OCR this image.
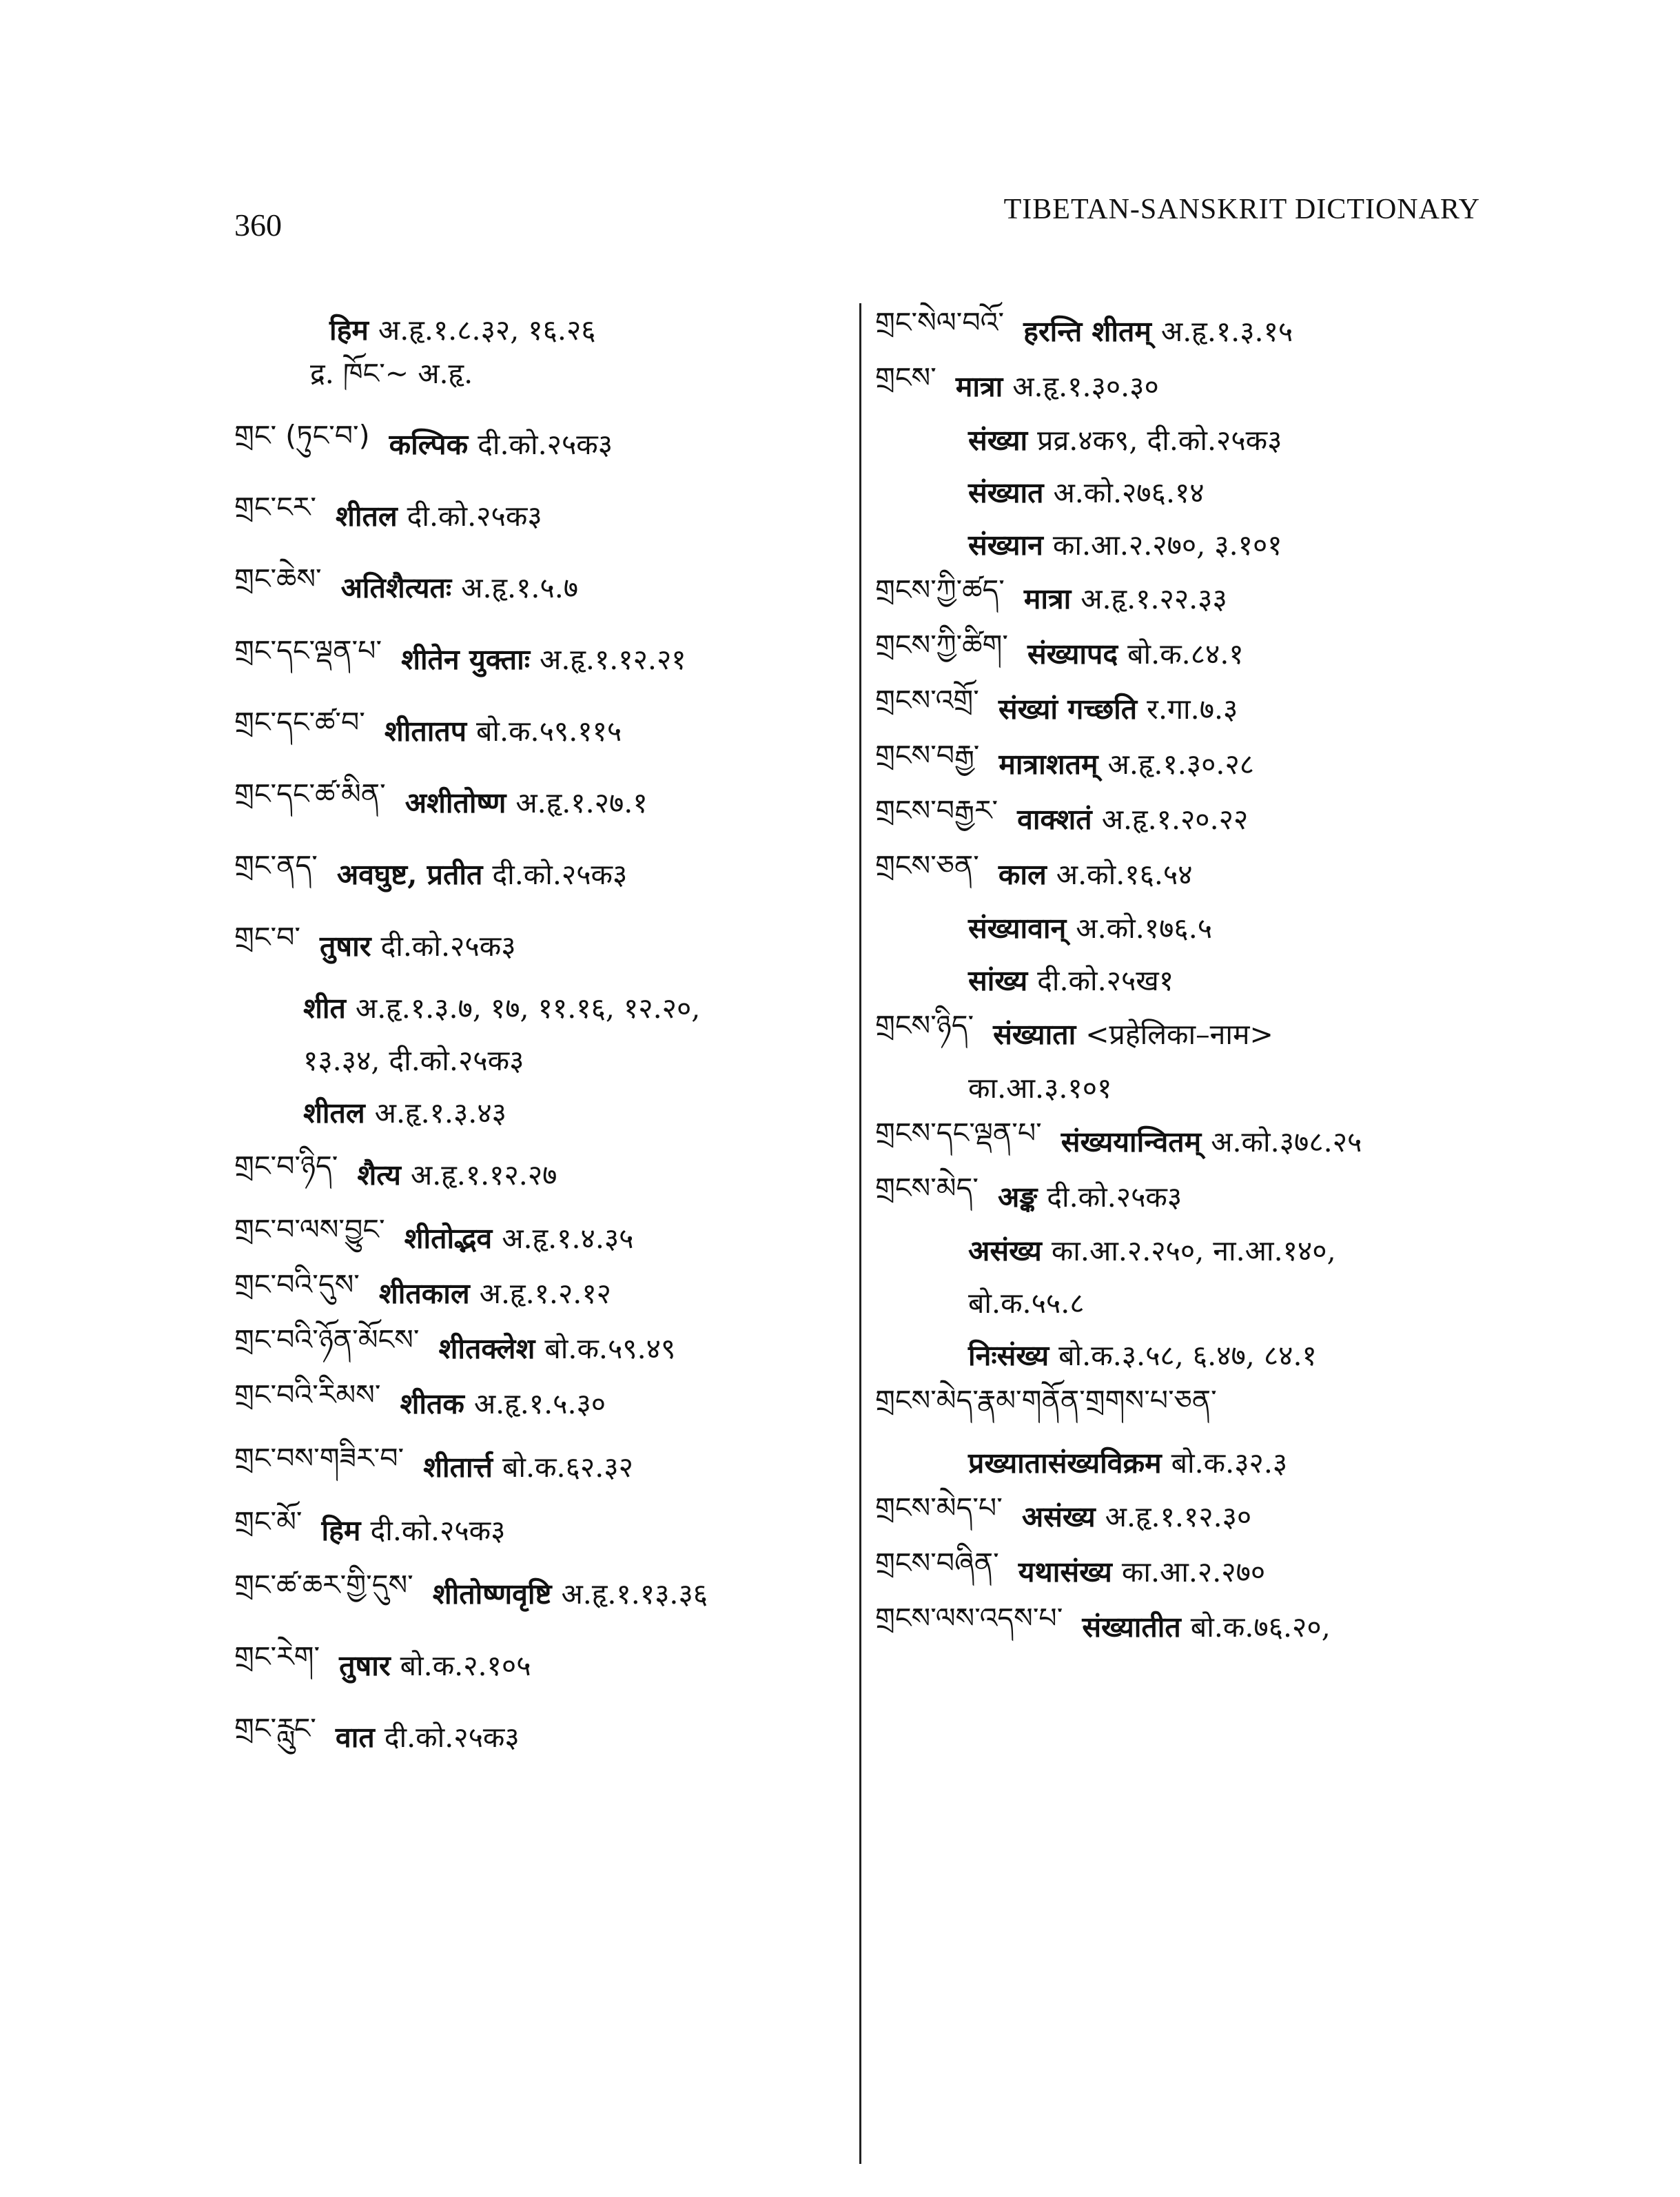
360	TIBETAN-SANSKRIT DICTIONARY
हिम अ.हृ.१.८.३२, १६.२६
द्र. ཁོང་~ अ.हृ.
གྲང་ (ཏུང་བ་) कल्पिक दी.को.२५क३
གྲང་ངར་ शीतल दी.को.२५क३
གྲང་ཆེས་ अतिशैत्यतः अ.हृ.१.५.७
གྲང་དང་ལྡན་པ་ शीतेन युक्ताः अ.हृ.१.१२.२१
གྲང་དང་ཚ་བ་ शीतातप बो.क.५९.११५
གྲང་དང་ཚ་མིན་ अशीतोष्ण अ.हृ.१.२७.१
གྲང་ནད་ अवघुष्ट, प्रतीत दी.को.२५क३
གྲང་བ་ तुषार दी.को.२५क३
शीत अ.हृ.१.३.७, १७, ११.१६, १२.२०,
१३.३४, दी.को.२५क३
शीतल अ.हृ.१.३.४३
གྲང་བ་ཉིད་ शैत्य अ.हृ.१.१२.२७
གྲང་བ་ལས་བྱུང་ शीतोद्भव अ.हृ.१.४.३५
གྲང་བའི་དུས་ शीतकाल अ.हृ.१.२.१२
གྲང་བའི་ཉོན་མོངས་ शीतक्लेश बो.क.५९.४९
གྲང་བའི་རིམས་ शीतक अ.हृ.१.५.३०
གྲང་བས་གཟིར་བ་ शीतार्त्त बो.क.६२.३२
གྲང་མོ་ हिम दी.को.२५क३
གྲང་ཚ་ཆར་གྱི་དུས་ शीतोष्णवृष्टि अ.हृ.१.१३.३६
གྲང་རེག་ तुषार बो.क.२.१०५
གྲང་རླུང་ वात दी.को.२५क३
གྲང་སེལ་བའོ་ हरन्ति शीतम् अ.हृ.१.३.१५
གྲངས་ मात्रा अ.हृ.१.३०.३०
संख्या प्रव्र.४क९, दी.को.२५क३
संख्यात अ.को.२७६.१४
संख्यान का.आ.२.२७०, ३.१०१
གྲངས་ཀྱི་ཚད་ मात्रा अ.हृ.१.२२.३३
གྲངས་ཀྱི་ཚིག་ संख्यापद बो.क.८४.१
གྲངས་འགྲོ་ संख्यां गच्छति र.गा.७.३
གྲངས་བརྒྱ་ मात्राशतम् अ.हृ.१.३०.२८
གྲངས་བརྒྱར་ वाक्शतं अ.हृ.१.२०.२२
གྲངས་ཅན་ काल अ.को.१६.५४
संख्यावान् अ.को.१७६.५
सांख्य दी.को.२५ख१
གྲངས་ཉིད་ संख्याता <प्रहेलिका–नाम>
का.आ.३.१०१
གྲངས་དང་ལྡན་པ་ संख्ययान्वितम् अ.को.३७८.२५
གྲངས་མེད་ अङ्क दी.को.२५क३
असंख्य का.आ.२.२५०, ना.आ.१४०,
बो.क.५५.८
निःसंख्य बो.क.३.५८, ६.४७, ८४.१
གྲངས་མེད་རྣམ་གནོན་གྲགས་པ་ཅན་
प्रख्यातासंख्यविक्रम बो.क.३२.३
གྲངས་མེད་པ་ असंख्य अ.हृ.१.१२.३०
གྲངས་བཞིན་ यथासंख्य का.आ.२.२७०
གྲངས་ལས་འདས་པ་ संख्यातीत बो.क.७६.२०,
